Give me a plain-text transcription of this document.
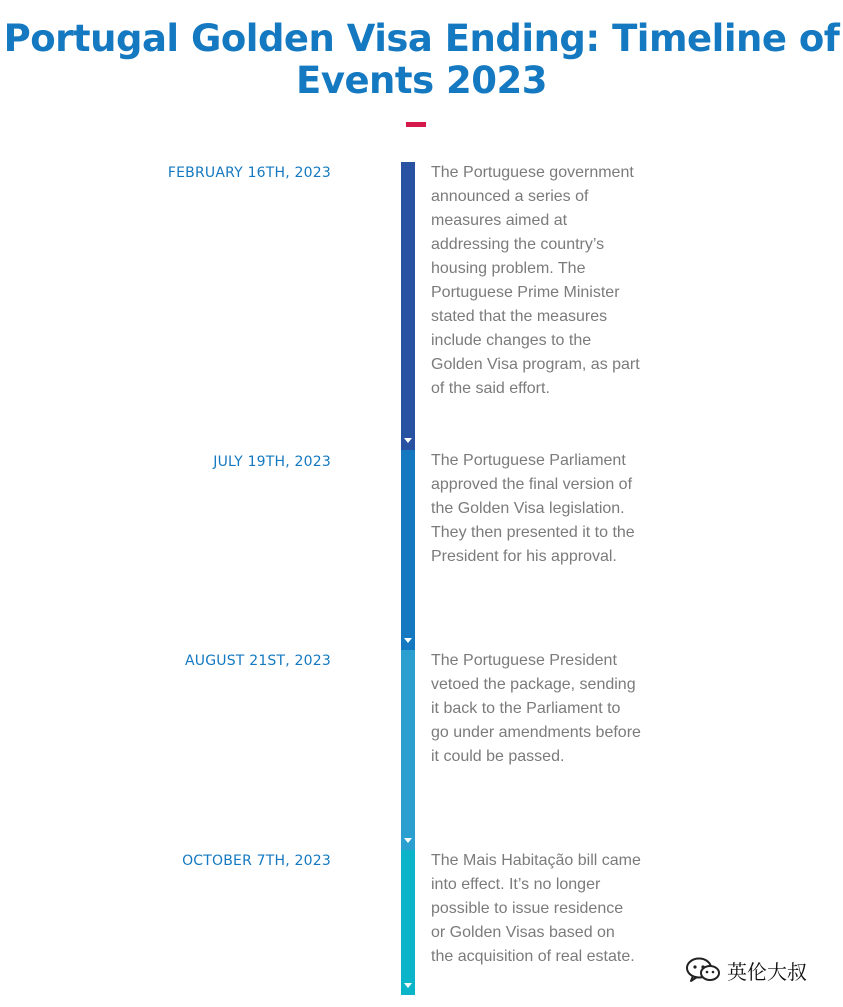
Portugal Golden Visa Ending: Timeline of Events 2023
FEBRUARY 16TH, 2023	The Portuguese government announced a series of measures aimed at addressing the country’s housing problem. The Portuguese Prime Minister stated that the measures include changes to the Golden Visa program, as part of the said effort.
JULY 19TH, 2023	The Portuguese Parliament approved the final version of the Golden Visa legislation. They then presented it to the President for his approval.
AUGUST 21ST, 2023	The Portuguese President vetoed the package, sending it back to the Parliament to go under amendments before it could be passed.
OCTOBER 7TH, 2023	The Mais Habitação bill came into effect. It’s no longer possible to issue residence or Golden Visas based on the acquisition of real estate.
英伦大叔
